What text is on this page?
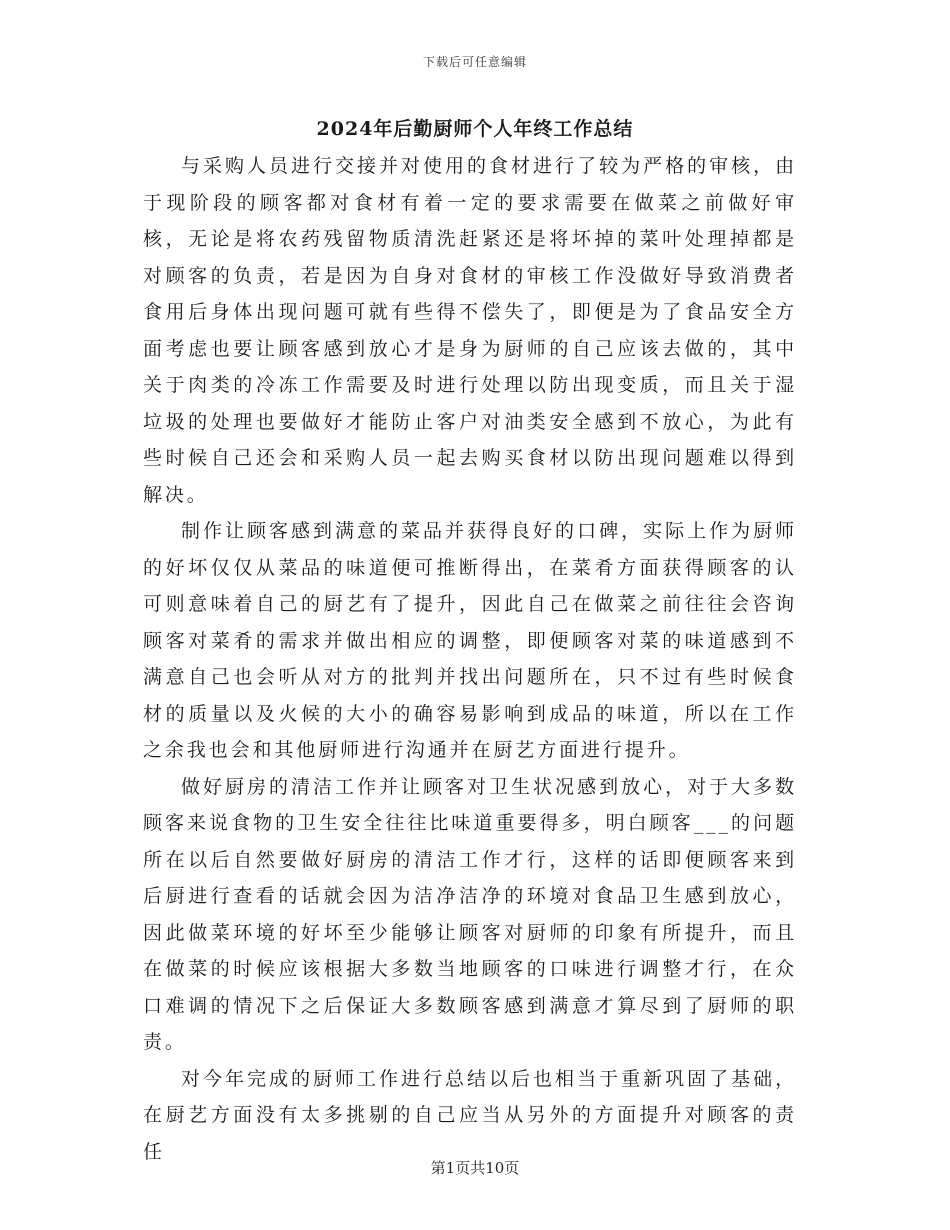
下载后可任意编辑
2024年后勤厨师个人年终工作总结

与采购人员进行交接并对使用的食材进行了较为严格的审核，由于现阶段的顾客都对食材有着一定的要求需要在做菜之前做好审核，无论是将农药残留物质清洗赶紧还是将坏掉的菜叶处理掉都是对顾客的负责，若是因为自身对食材的审核工作没做好导致消费者食用后身体出现问题可就有些得不偿失了，即便是为了食品安全方面考虑也要让顾客感到放心才是身为厨师的自己应该去做的，其中关于肉类的冷冻工作需要及时进行处理以防出现变质，而且关于湿垃圾的处理也要做好才能防止客户对油类安全感到不放心，为此有些时候自己还会和采购人员一起去购买食材以防出现问题难以得到解决。

制作让顾客感到满意的菜品并获得良好的口碑，实际上作为厨师的好坏仅仅从菜品的味道便可推断得出，在菜肴方面获得顾客的认可则意味着自己的厨艺有了提升，因此自己在做菜之前往往会咨询顾客对菜肴的需求并做出相应的调整，即便顾客对菜的味道感到不满意自己也会听从对方的批判并找出问题所在，只不过有些时候食材的质量以及火候的大小的确容易影响到成品的味道，所以在工作之余我也会和其他厨师进行沟通并在厨艺方面进行提升。

做好厨房的清洁工作并让顾客对卫生状况感到放心，对于大多数顾客来说食物的卫生安全往往比味道重要得多，明白顾客___的问题所在以后自然要做好厨房的清洁工作才行，这样的话即便顾客来到后厨进行查看的话就会因为洁净洁净的环境对食品卫生感到放心，因此做菜环境的好坏至少能够让顾客对厨师的印象有所提升，而且在做菜的时候应该根据大多数当地顾客的口味进行调整才行，在众口难调的情况下之后保证大多数顾客感到满意才算尽到了厨师的职责。

对今年完成的厨师工作进行总结以后也相当于重新巩固了基础，在厨艺方面没有太多挑剔的自己应当从另外的方面提升对顾客的责任

第1页共10页
